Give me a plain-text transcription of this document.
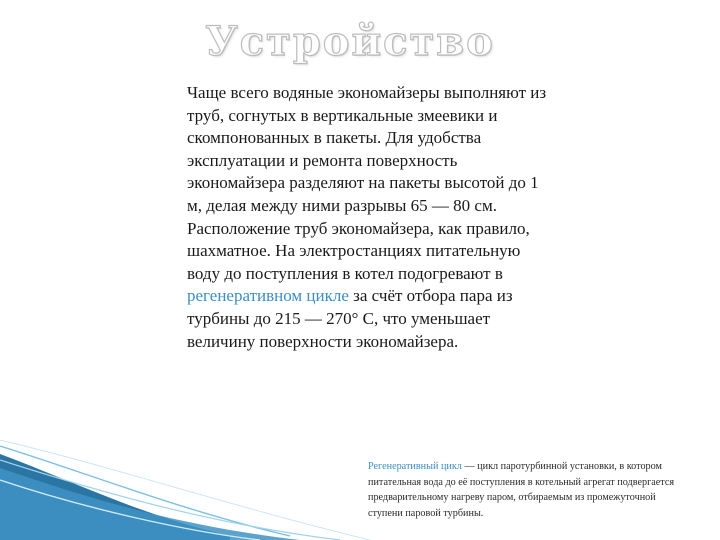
Устройство

Чаще всего водяные экономайзеры выполняют из труб, согнутых в вертикальные змеевики и скомпонованных в пакеты. Для удобства эксплуатации и ремонта поверхность экономайзера разделяют на пакеты высотой до 1 м, делая между ними разрывы 65 — 80 см. Расположение труб экономайзера, как правило, шахматное. На электростанциях питательную воду до поступления в котел подогревают в регенеративном цикле за счёт отбора пара из турбины до 215 — 270° С, что уменьшает величину поверхности экономайзера.

Регенеративный цикл — цикл паротурбинной установки, в котором питательная вода до её поступления в котельный агрегат подвергается предварительному нагреву паром, отбираемым из промежуточной ступени паровой турбины.
